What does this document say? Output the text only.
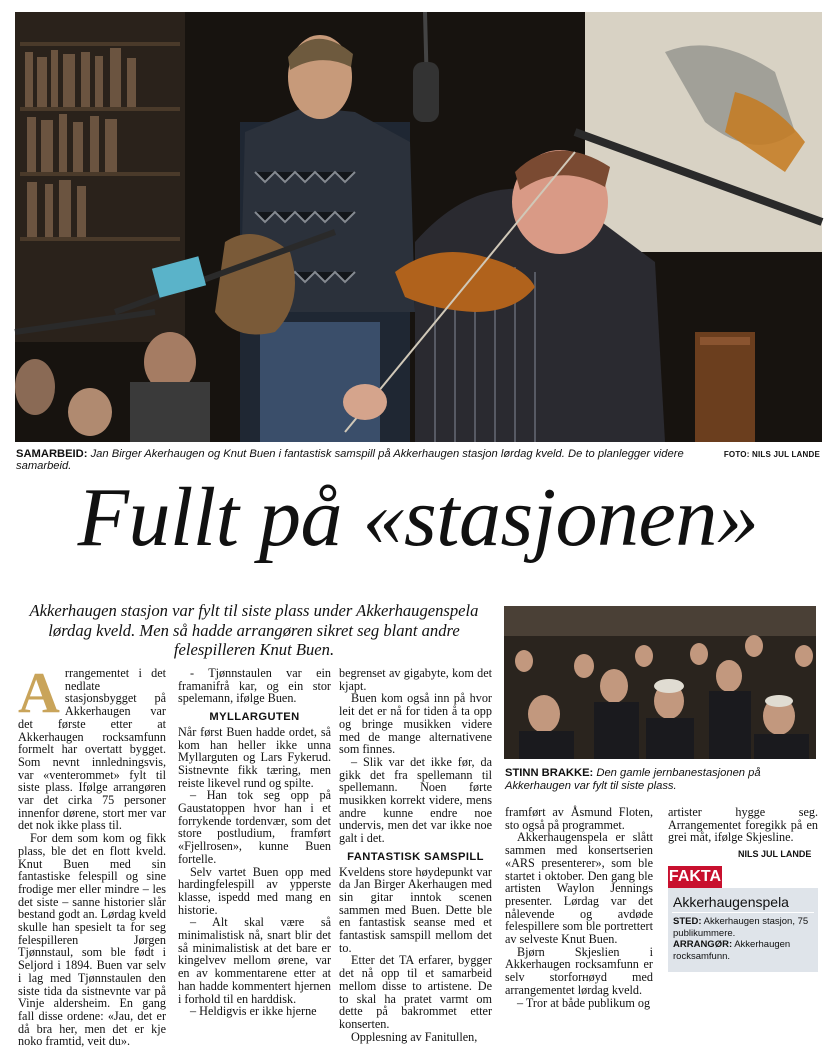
SAMARBEID: Jan Birger Akerhaugen og Knut Buen i fantastisk samspill på Akkerhaugen stasjon lørdag kveld. De to planlegger videre samarbeid.
FOTO: NILS JUL LANDE
Fullt på «stasjonen»
Akkerhaugen stasjon var fylt til siste plass under Akkerhaugenspela lørdag kveld. Men så hadde arrangøren sikret seg blant andre felespilleren Knut Buen.
A rrangementet i det nedlate stasjonsbygget på Akkerhaugen var det første etter at Akkerhaugen rocksamfunn formelt har overtatt bygget. Som nevnt innledningsvis, var «venterommet» fylt til siste plass. Ifølge arrangøren var det cirka 75 personer innenfor dørene, stort mer var det nok ikke plass til.

For dem som kom og fikk plass, ble det en flott kveld. Knut Buen med sin fantastiske felespill og sine frodige mer eller mindre – les det siste – sanne historier slår bestand godt an. Lørdag kveld skulle han spesielt ta for seg felespilleren Jørgen Tjønnstaul, som ble født i Seljord i 1894. Buen var selv i lag med Tjønnstaulen den siste tida da sistnevnte var på Vinje aldersheim. En gang fall disse ordene: «Jau, det er då bra her, men det er kje noko framtid, veit du».

- Tjønnstaulen var ein framanifrå kar, og ein stor spelemann, ifølge Buen.

MYLLARGUTEN

Når først Buen hadde ordet, så kom han heller ikke unna Myllarguten og Lars Fykerud. Sistnevnte fikk tæring, men reiste likevel rund og spilte.

– Han tok seg opp på Gaustatoppen hvor han i et forrykende tordenvær, som det store postludium, framført «Fjellrosen», kunne Buen fortelle.

Selv vartet Buen opp med hardingfelespill av ypperste klasse, ispedd med mang en historie.

– Alt skal være så minimalistisk nå, snart blir det så minimalistisk at det bare er kingelvev mellom ørene, var en av kommentarene etter at han hadde kommentert hjernen i forhold til en harddisk.

– Heldigvis er ikke hjerne

begrenset av gigabyte, kom det kjapt.

Buen kom også inn på hvor leit det er nå for tiden å ta opp og bringe musikken videre med de mange alternativene som finnes.

– Slik var det ikke før, da gikk det fra spellemann til spellemann. Noen førte musikken korrekt videre, mens andre kunne endre noe undervis, men det var ikke noe galt i det.

FANTASTISK SAMSPILL

Kveldens store høydepunkt var da Jan Birger Akerhaugen med sin gitar inntok scenen sammen med Buen. Dette ble en fantastisk seanse med et fantastisk samspill mellom det to.

Etter det TA erfarer, bygger det nå opp til et samarbeid mellom disse to artistene. De to skal ha pratet varmt om dette på bakrommet etter konserten.

Opplesning av Fanitullen,

STINN BRAKKE: Den gamle jernbanestasjonen på Akkerhaugen var fylt til siste plass.

framført av Åsmund Floten, sto også på programmet.

Akkerhaugenspela er slått sammen med konsertserien «ARS presenterer», som ble startet i oktober. Den gang ble artisten Waylon Jennings presenter. Lørdag var det nålevende og avdøde felespillere som ble portrettert av selveste Knut Buen.

Bjørn Skjeslien i Akkerhaugen rocksamfunn er selv storforнøyd med arrangementet lørdag kveld.

– Tror at både publikum og

artister hygge seg. Arrangementet foregikk på en grei måt, ifølge Skjesline.

NILS JUL LANDE
FAKTA
Akkerhaugenspela
STED: Akkerhaugen stasjon, 75 publikummere.
ARRANGØR: Akkerhaugen rocksamfunn.
